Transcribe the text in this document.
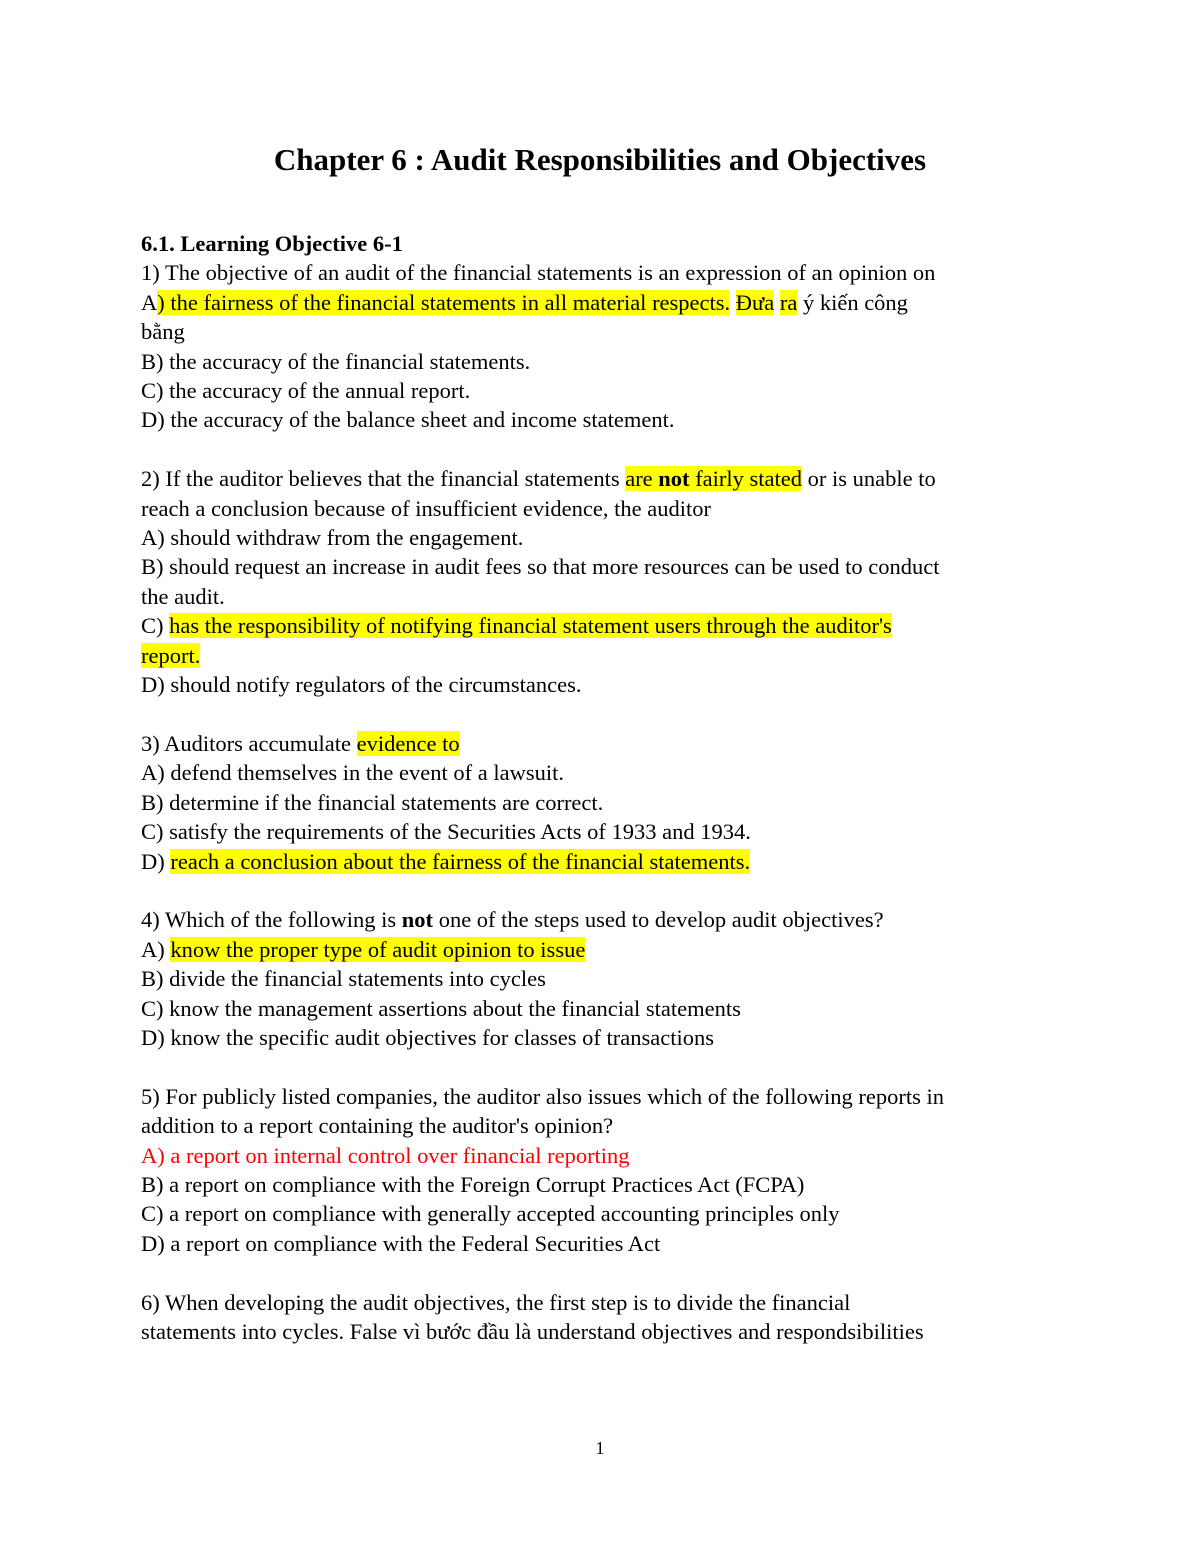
Chapter 6 : Audit Responsibilities and Objectives

6.1. Learning Objective 6-1

1) The objective of an audit of the financial statements is an expression of an opinion on

A) the fairness of the financial statements in all material respects. Đưa ra ý kiến công

bằng

B) the accuracy of the financial statements.

C) the accuracy of the annual report.

D) the accuracy of the balance sheet and income statement.

2) If the auditor believes that the financial statements are not fairly stated or is unable to

reach a conclusion because of insufficient evidence, the auditor

A) should withdraw from the engagement.

B) should request an increase in audit fees so that more resources can be used to conduct

the audit.

C) has the responsibility of notifying financial statement users through the auditor's

report.

D) should notify regulators of the circumstances.

3) Auditors accumulate evidence to

A) defend themselves in the event of a lawsuit.

B) determine if the financial statements are correct.

C) satisfy the requirements of the Securities Acts of 1933 and 1934.

D) reach a conclusion about the fairness of the financial statements.

4) Which of the following is not one of the steps used to develop audit objectives?

A) know the proper type of audit opinion to issue

B) divide the financial statements into cycles

C) know the management assertions about the financial statements

D) know the specific audit objectives for classes of transactions

5) For publicly listed companies, the auditor also issues which of the following reports in

addition to a report containing the auditor's opinion?

A) a report on internal control over financial reporting

B) a report on compliance with the Foreign Corrupt Practices Act (FCPA)

C) a report on compliance with generally accepted accounting principles only

D) a report on compliance with the Federal Securities Act

6) When developing the audit objectives, the first step is to divide the financial

statements into cycles. False vì bước đầu là understand objectives and respondsibilities

1
